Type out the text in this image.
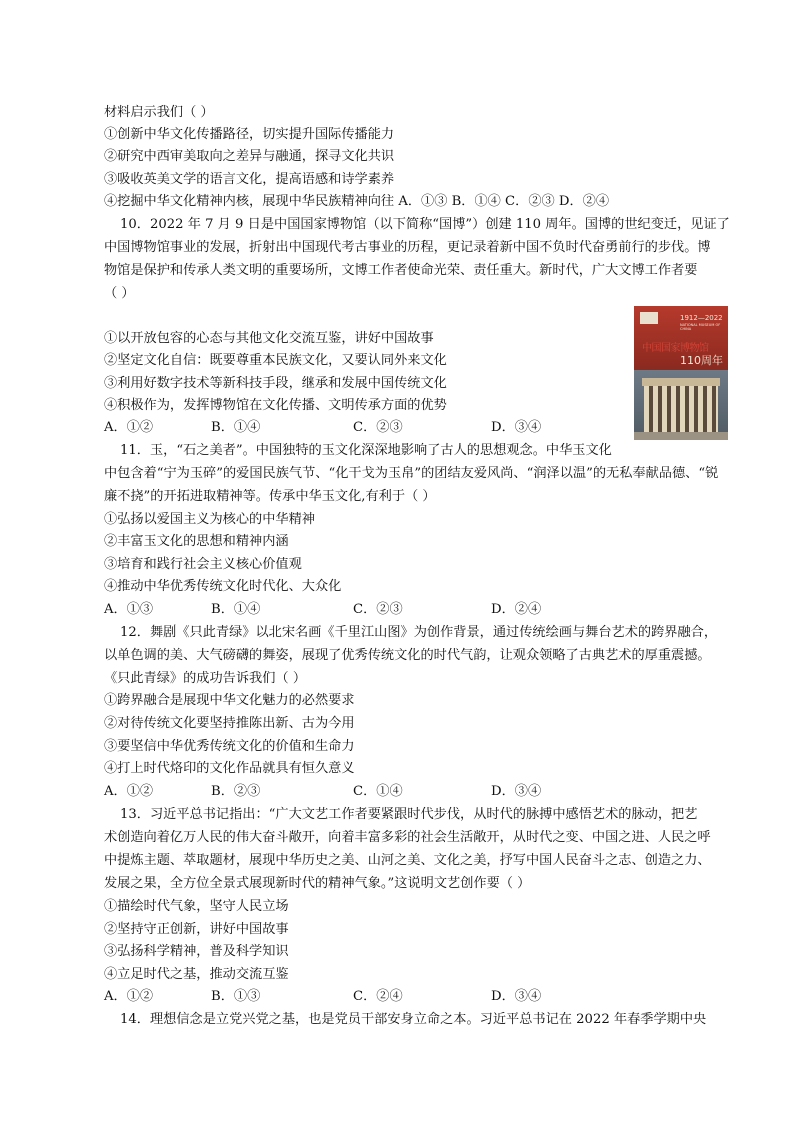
材料启示我们（ ）
①创新中华文化传播路径，切实提升国际传播能力
②研究中西审美取向之差异与融通，探寻文化共识
③吸收英美文学的语言文化，提高语感和诗学素养
④挖掘中华文化精神内核，展现中华民族精神向往 A．①③ B．①④ C．②③ D．②④
10．2022 年 7 月 9 日是中国国家博物馆（以下简称“国博”）创建 110 周年。国博的世纪变迁，见证了
中国博物馆事业的发展，折射出中国现代考古事业的历程，更记录着新中国不负时代奋勇前行的步伐。博
物馆是保护和传承人类文明的重要场所，文博工作者使命光荣、责任重大。新时代，广大文博工作者要
（ ）
1912—2022
NATIONAL MUSEUM OF CHINA
中国国家博物馆
110周年
①以开放包容的心态与其他文化交流互鉴，讲好中国故事
②坚定文化自信：既要尊重本民族文化，又要认同外来文化
③利用好数字技术等新科技手段，继承和发展中国传统文化
④积极作为，发挥博物馆在文化传播、文明传承方面的优势
A．①②	B．①④	C．②③	D．③④
11．玉，“石之美者”。中国独特的玉文化深深地影响了古人的思想观念。中华玉文化
中包含着“宁为玉碎”的爱国民族气节、“化干戈为玉帛”的团结友爱风尚、“润泽以温”的无私奉献品德、“锐
廉不挠”的开拓进取精神等。传承中华玉文化,有利于（ ）
①弘扬以爱国主义为核心的中华精神
②丰富玉文化的思想和精神内涵
③培育和践行社会主义核心价值观
④推动中华优秀传统文化时代化、大众化
A．①③	B．①④	C．②③	D．②④
12．舞剧《只此青绿》以北宋名画《千里江山图》为创作背景，通过传统绘画与舞台艺术的跨界融合，
以单色调的美、大气磅礴的舞姿，展现了优秀传统文化的时代气韵，让观众领略了古典艺术的厚重震撼。
《只此青绿》的成功告诉我们（ ）
①跨界融合是展现中华文化魅力的必然要求
②对待传统文化要坚持推陈出新、古为今用
③要坚信中华优秀传统文化的价值和生命力
④打上时代烙印的文化作品就具有恒久意义
A．①②	B．②③	C．①④	D．③④
13．习近平总书记指出：“广大文艺工作者要紧跟时代步伐，从时代的脉搏中感悟艺术的脉动，把艺
术创造向着亿万人民的伟大奋斗敞开，向着丰富多彩的社会生活敞开，从时代之变、中国之进、人民之呼
中提炼主题、萃取题材，展现中华历史之美、山河之美、文化之美，抒写中国人民奋斗之志、创造之力、
发展之果，全方位全景式展现新时代的精神气象。”这说明文艺创作要（ ）
①描绘时代气象，坚守人民立场
②坚持守正创新，讲好中国故事
③弘扬科学精神，普及科学知识
④立足时代之基，推动交流互鉴
A．①②	B．①③	C．②④	D．③④
14．理想信念是立党兴党之基，也是党员干部安身立命之本。习近平总书记在 2022 年春季学期中央
